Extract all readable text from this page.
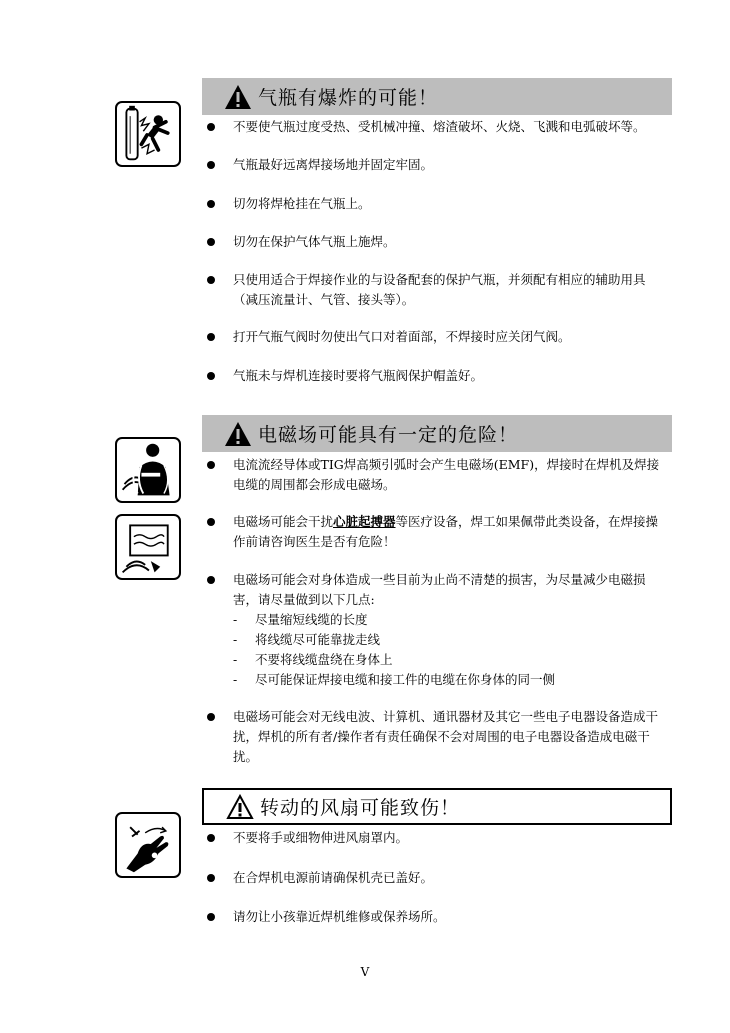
气瓶有爆炸的可能！
不要使气瓶过度受热、受机械冲撞、熔渣破坏、火烧、飞溅和电弧破坏等。
气瓶最好远离焊接场地并固定牢固。
切勿将焊枪挂在气瓶上。
切勿在保护气体气瓶上施焊。
只使用适合于焊接作业的与设备配套的保护气瓶，并须配有相应的辅助用具（减压流量计、气管、接头等）。
打开气瓶气阀时勿使出气口对着面部，不焊接时应关闭气阀。
气瓶未与焊机连接时要将气瓶阀保护帽盖好。
电磁场可能具有一定的危险！
电流流经导体或TIG焊高频引弧时会产生电磁场(EMF)，焊接时在焊机及焊接电缆的周围都会形成电磁场。
电磁场可能会干扰心脏起搏器等医疗设备，焊工如果佩带此类设备，在焊接操作前请咨询医生是否有危险！
电磁场可能会对身体造成一些目前为止尚不清楚的损害，为尽量减少电磁损害，请尽量做到以下几点:
- 尽量缩短线缆的长度
- 将线缆尽可能靠拢走线
- 不要将线缆盘绕在身体上
- 尽可能保证焊接电缆和接工件的电缆在你身体的同一侧
电磁场可能会对无线电波、计算机、通讯器材及其它一些电子电器设备造成干扰，焊机的所有者/操作者有责任确保不会对周围的电子电器设备造成电磁干扰。
转动的风扇可能致伤！
不要将手或细物伸进风扇罩内。
在合焊机电源前请确保机壳已盖好。
请勿让小孩靠近焊机维修或保养场所。
V
